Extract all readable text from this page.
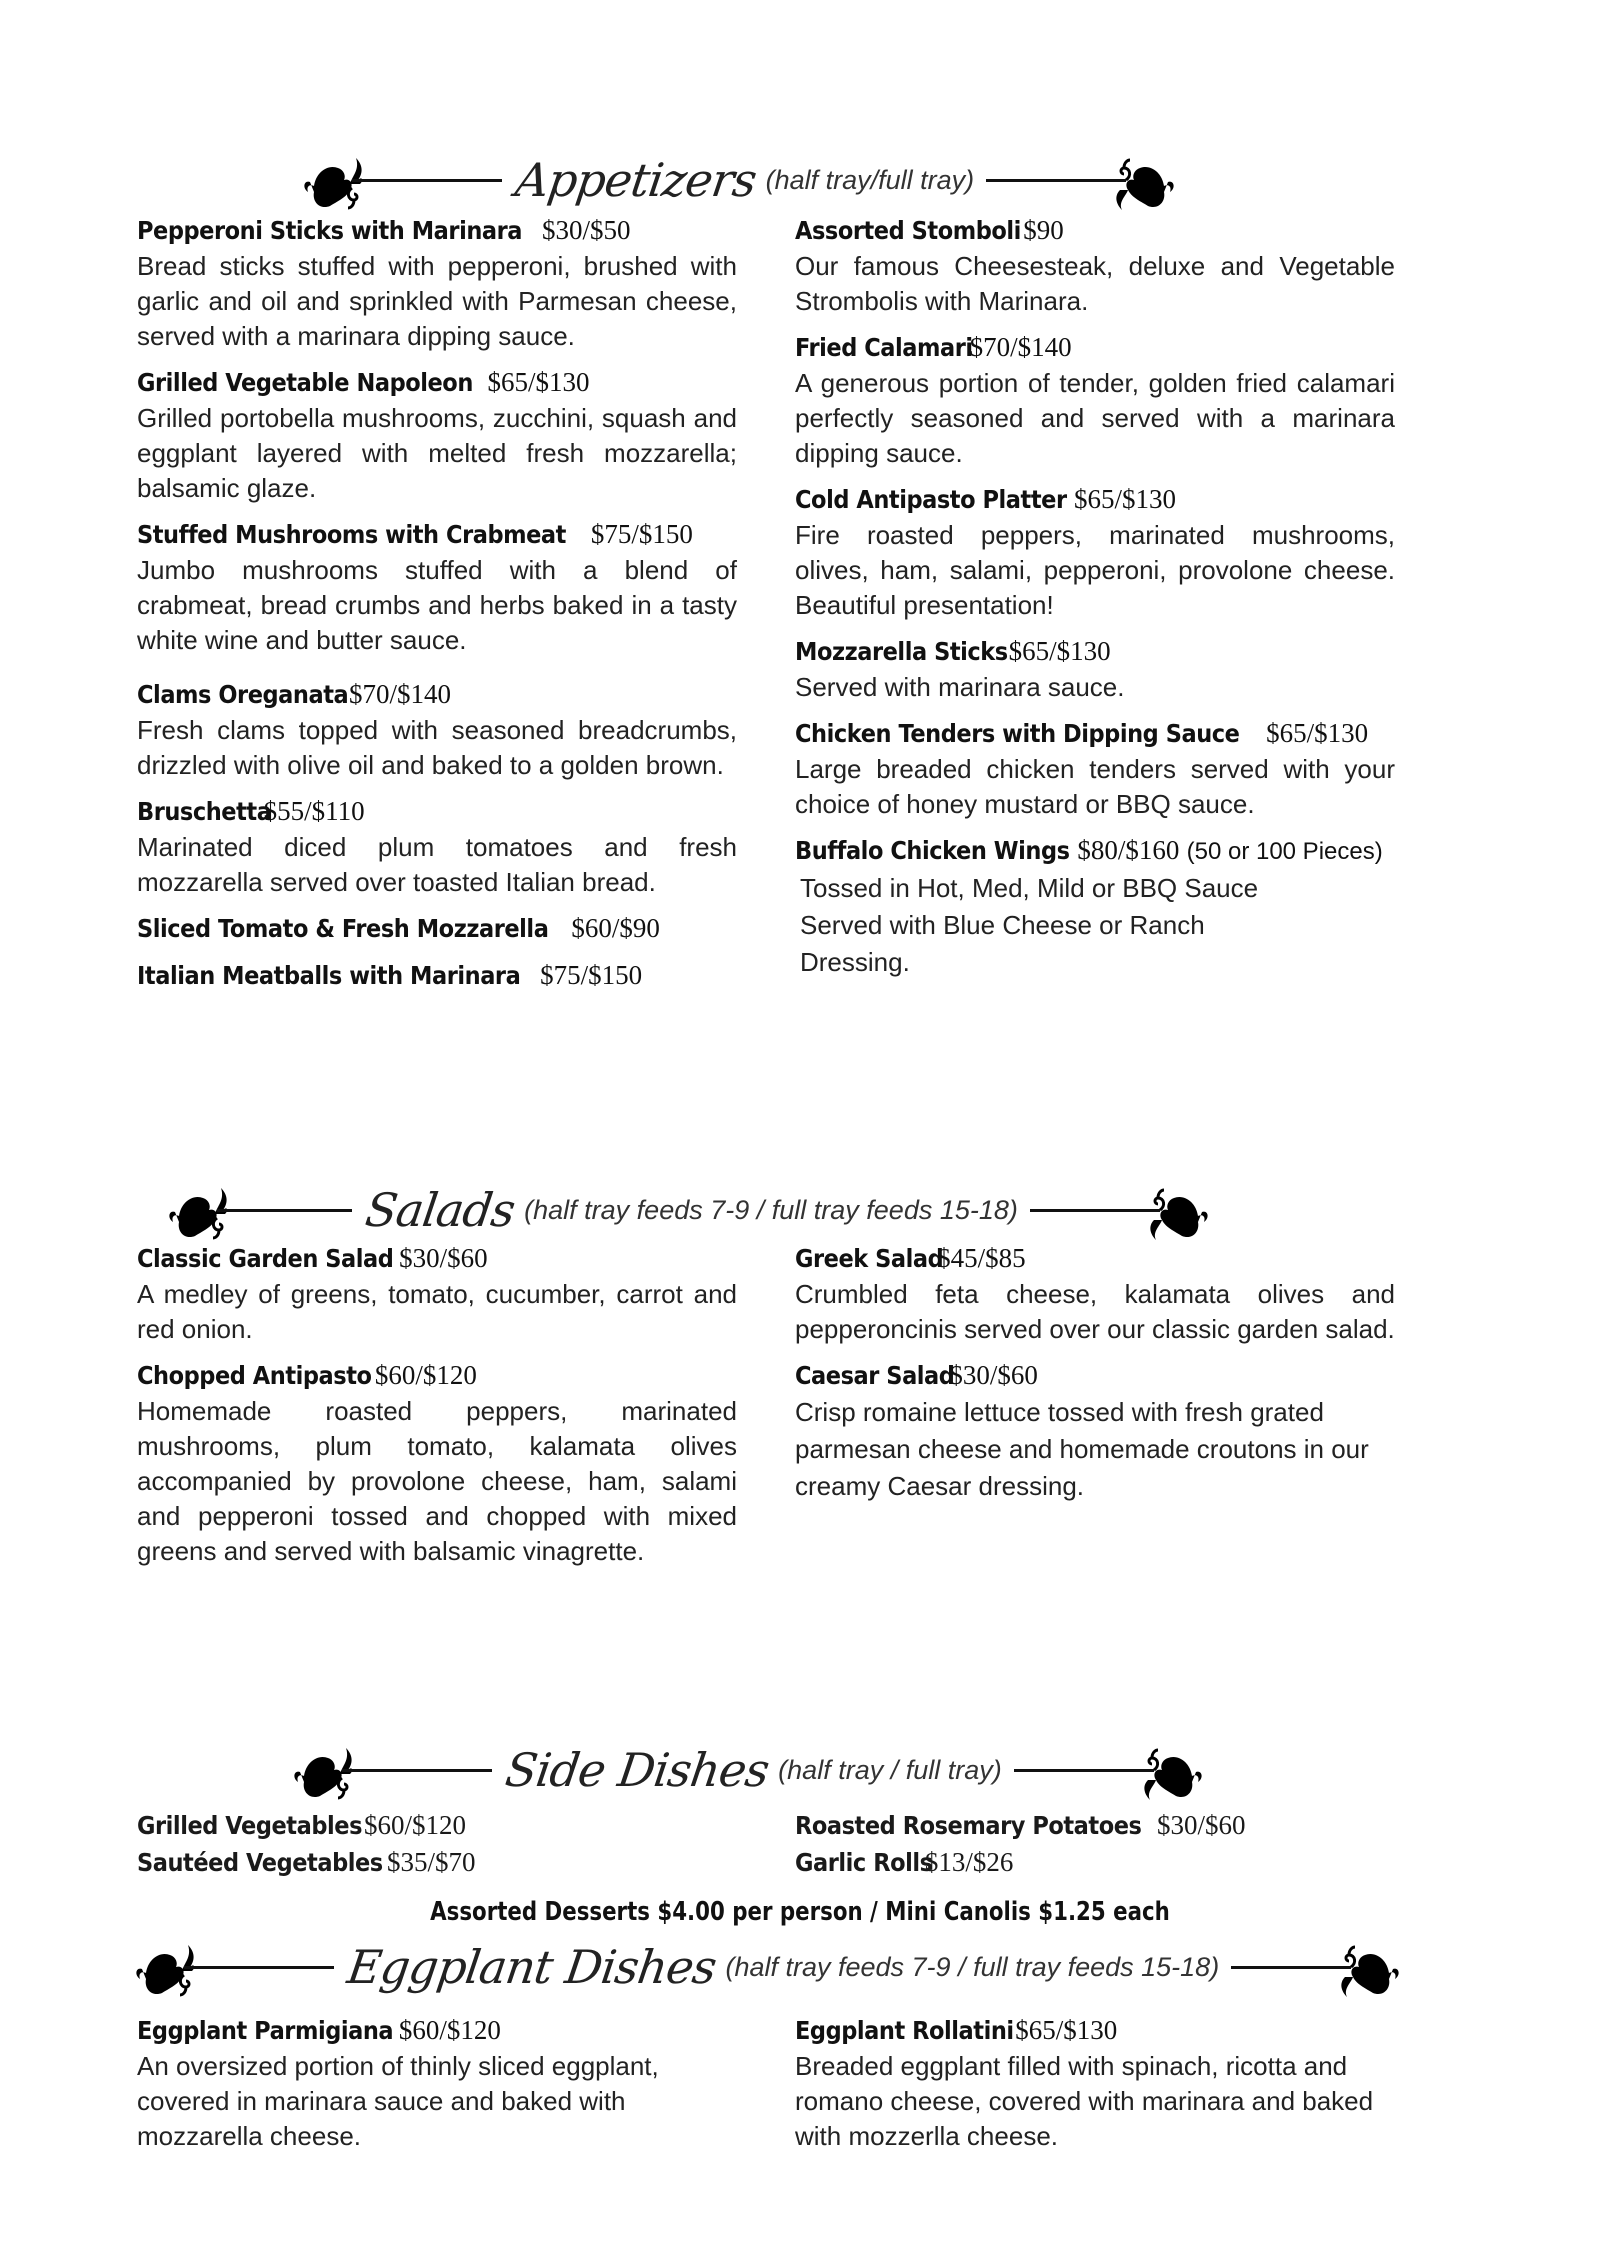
Appetizers (half tray/full tray)
Pepperoni Sticks with Marinara $30/$50
Bread sticks stuffed with pepperoni, brushed with garlic and oil and sprinkled with Parmesan cheese, served with a marinara dipping sauce.
Grilled Vegetable Napoleon $65/$130
Grilled portobella mushrooms, zucchini, squash and eggplant layered with melted fresh mozzarella; balsamic glaze.
Stuffed Mushrooms with Crabmeat $75/$150
Jumbo mushrooms stuffed with a blend of crabmeat, bread crumbs and herbs baked in a tasty white wine and butter sauce.
Clams Oreganata $70/$140
Fresh clams topped with seasoned breadcrumbs, drizzled with olive oil and baked to a golden brown.
Bruschetta $55/$110
Marinated diced plum tomatoes and fresh mozzarella served over toasted Italian bread.
Sliced Tomato & Fresh Mozzarella $60/$90
Italian Meatballs with Marinara $75/$150
Assorted Stomboli $90
Our famous Cheesesteak, deluxe and Vegetable Strombolis with Marinara.
Fried Calamari $70/$140
A generous portion of tender, golden fried calamari perfectly seasoned and served with a marinara dipping sauce.
Cold Antipasto Platter $65/$130
Fire roasted peppers, marinated mushrooms, olives, ham, salami, pepperoni, provolone cheese. Beautiful presentation!
Mozzarella Sticks $65/$130
Served with marinara sauce.
Chicken Tenders with Dipping Sauce $65/$130
Large breaded chicken tenders served with your choice of honey mustard or BBQ sauce.
Buffalo Chicken Wings $80/$160 (50 or 100 Pieces)
Tossed in Hot, Med, Mild or BBQ Sauce
Served with Blue Cheese or Ranch
Dressing.
Salads (half tray feeds 7-9 / full tray feeds 15-18)
Classic Garden Salad $30/$60
A medley of greens, tomato, cucumber, carrot and red onion.
Chopped Antipasto $60/$120
Homemade roasted peppers, marinated mushrooms, plum tomato, kalamata olives accompanied by provolone cheese, ham, salami and pepperoni tossed and chopped with mixed greens and served with balsamic vinagrette.
Greek Salad $45/$85
Crumbled feta cheese, kalamata olives and pepperoncinis served over our classic garden salad.
Caesar Salad $30/$60
Crisp romaine lettuce tossed with fresh grated parmesan cheese and homemade croutons in our creamy Caesar dressing.
Side Dishes (half tray / full tray)
Grilled Vegetables $60/$120
Sautéed Vegetables $35/$70
Roasted Rosemary Potatoes $30/$60
Garlic Rolls $13/$26
Assorted Desserts $4.00 per person / Mini Canolis $1.25 each
Eggplant Dishes (half tray feeds 7-9 / full tray feeds 15-18)
Eggplant Parmigiana $60/$120
An oversized portion of thinly sliced eggplant, covered in marinara sauce and baked with mozzarella cheese.
Eggplant Rollatini $65/$130
Breaded eggplant filled with spinach, ricotta and romano cheese, covered with marinara and baked with mozzerlla cheese.
